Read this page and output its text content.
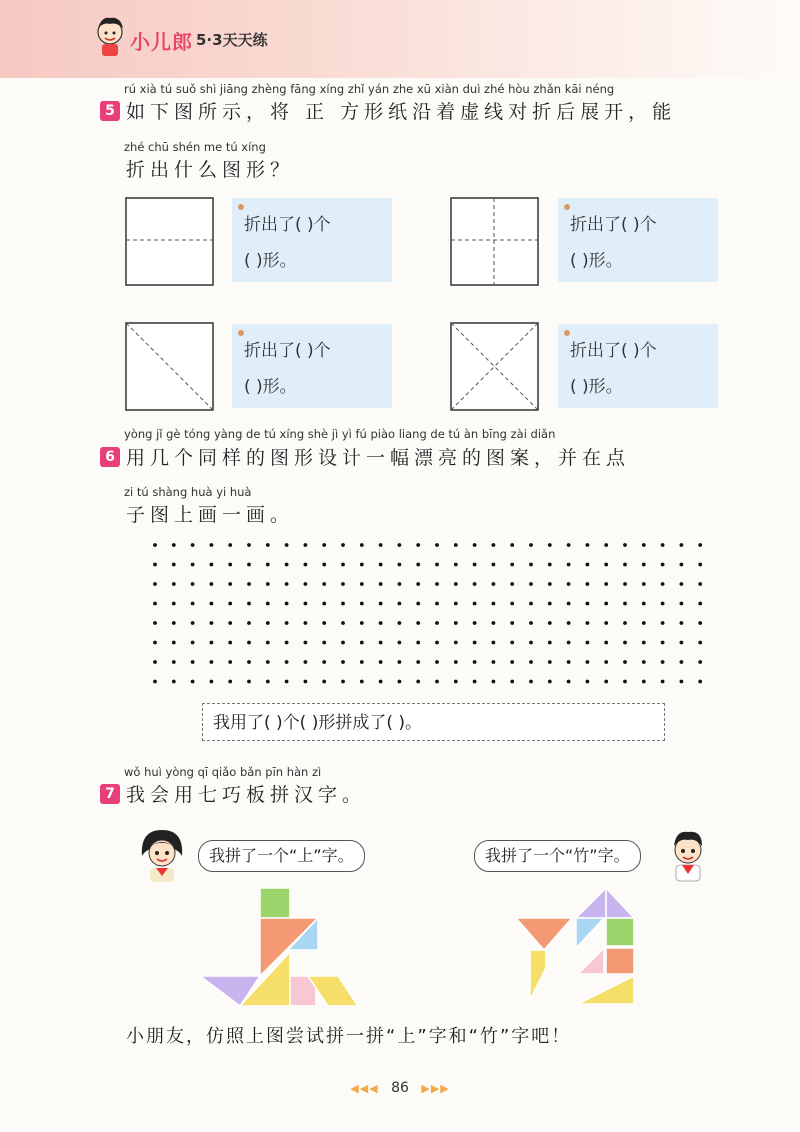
小儿郎 5·3天天练
rú xià tú suǒ shì jiāng zhèng fāng xíng zhǐ yán zhe xū xiàn duì zhé hòu zhǎn kāi néng
5 如下图所示，将 正 方形纸沿着虚线对折后展开，能
zhé chū shén me tú xíng
折出什么图形？
折出了( )个
( )形。
折出了( )个
( )形。
折出了( )个
( )形。
折出了( )个
( )形。
yòng jǐ gè tóng yàng de tú xíng shè jì yì fú piào liang de tú àn bīng zài diǎn
6 用几个同样的图形设计一幅漂亮的图案，并在点
zi tú shàng huà yi huà
子图上画一画。
我用了( )个( )形拼成了( )。
wǒ huì yòng qī qiǎo bǎn pīn hàn zì
7 我会用七巧板拼汉字。
我拼了一个“上”字。	我拼了一个“竹”字。
小朋友，仿照上图尝试拼一拼“上”字和“竹”字吧！
◀◀◀ 86 ▶▶▶
